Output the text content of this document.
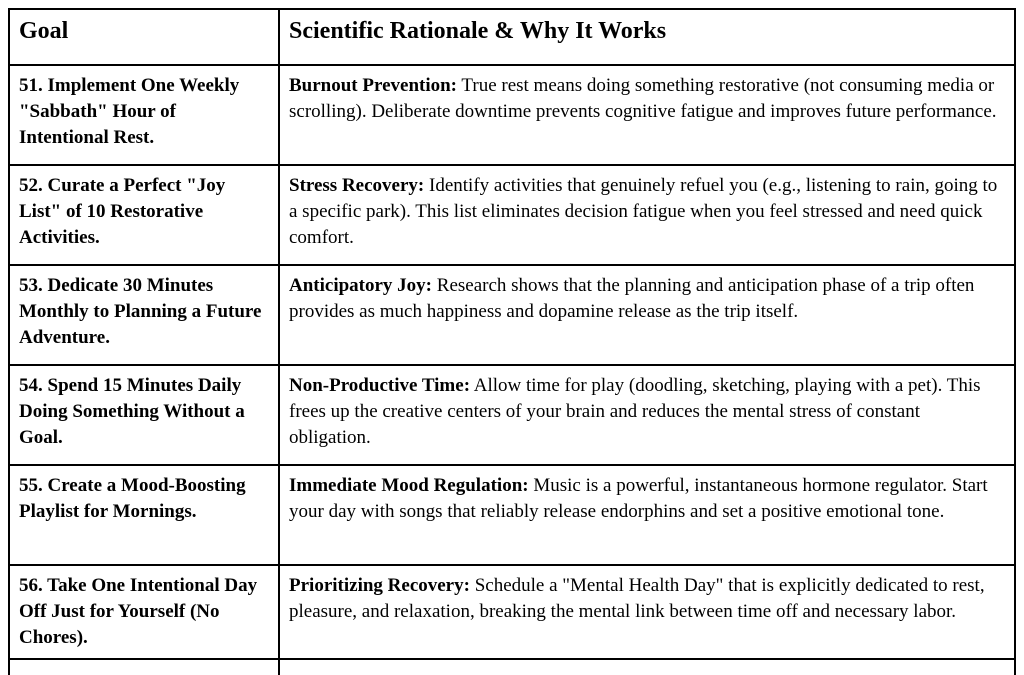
Goal	Scientific Rationale & Why It Works
51. Implement One Weekly "Sabbath" Hour of Intentional Rest.	Burnout Prevention: True rest means doing something restorative (not consuming media or scrolling). Deliberate downtime prevents cognitive fatigue and improves future performance.
52. Curate a Perfect "Joy List" of 10 Restorative Activities.	Stress Recovery: Identify activities that genuinely refuel you (e.g., listening to rain, going to a specific park). This list eliminates decision fatigue when you feel stressed and need quick comfort.
53. Dedicate 30 Minutes Monthly to Planning a Future Adventure.	Anticipatory Joy: Research shows that the planning and anticipation phase of a trip often provides as much happiness and dopamine release as the trip itself.
54. Spend 15 Minutes Daily Doing Something Without a Goal.	Non-Productive Time: Allow time for play (doodling, sketching, playing with a pet). This frees up the creative centers of your brain and reduces the mental stress of constant obligation.
55. Create a Mood-Boosting Playlist for Mornings.	Immediate Mood Regulation: Music is a powerful, instantaneous hormone regulator. Start your day with songs that reliably release endorphins and set a positive emotional tone.
56. Take One Intentional Day Off Just for Yourself (No Chores).	Prioritizing Recovery: Schedule a "Mental Health Day" that is explicitly dedicated to rest, pleasure, and relaxation, breaking the mental link between time off and necessary labor.
